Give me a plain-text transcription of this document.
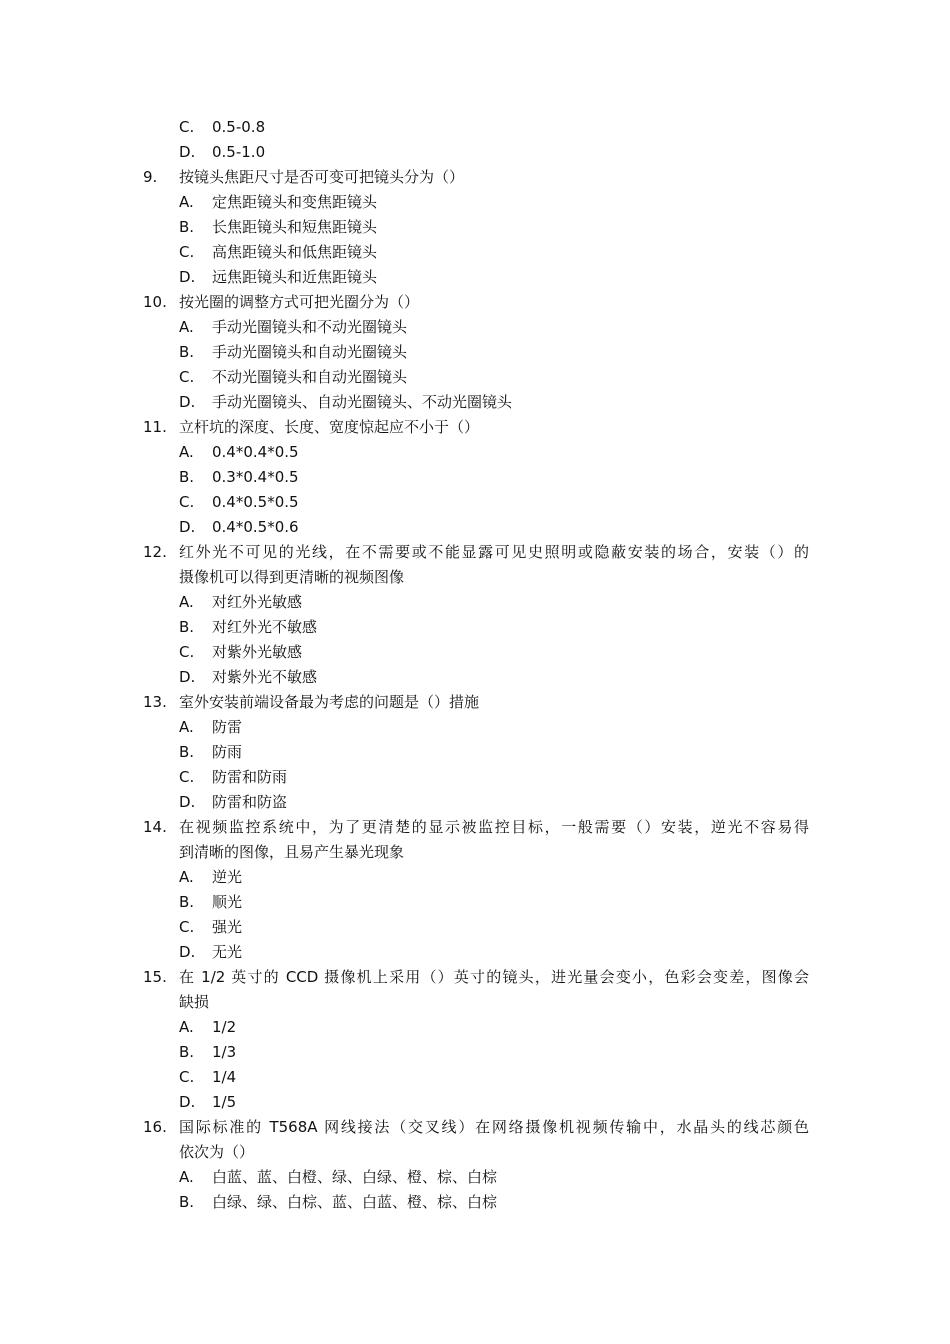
C. 0.5-0.8
D. 0.5-1.0
9. 按镜头焦距尺寸是否可变可把镜头分为（）
A. 定焦距镜头和变焦距镜头
B. 长焦距镜头和短焦距镜头
C. 高焦距镜头和低焦距镜头
D. 远焦距镜头和近焦距镜头
10. 按光圈的调整方式可把光圈分为（）
A. 手动光圈镜头和不动光圈镜头
B. 手动光圈镜头和自动光圈镜头
C. 不动光圈镜头和自动光圈镜头
D. 手动光圈镜头、自动光圈镜头、不动光圈镜头
11. 立杆坑的深度、长度、宽度惊起应不小于（）
A. 0.4*0.4*0.5
B. 0.3*0.4*0.5
C. 0.4*0.5*0.5
D. 0.4*0.5*0.6
12. 红外光不可见的光线，在不需要或不能显露可见史照明或隐蔽安装的场合，安装（）的
摄像机可以得到更清晰的视频图像
A. 对红外光敏感
B. 对红外光不敏感
C. 对紫外光敏感
D. 对紫外光不敏感
13. 室外安装前端设备最为考虑的问题是（）措施
A. 防雷
B. 防雨
C. 防雷和防雨
D. 防雷和防盗
14. 在视频监控系统中，为了更清楚的显示被监控目标，一般需要（）安装，逆光不容易得
到清晰的图像，且易产生暴光现象
A. 逆光
B. 顺光
C. 强光
D. 无光
15. 在 1/2 英寸的 CCD 摄像机上采用（）英寸的镜头，进光量会变小，色彩会变差，图像会
缺损
A. 1/2
B. 1/3
C. 1/4
D. 1/5
16. 国际标准的 T568A 网线接法（交叉线）在网络摄像机视频传输中，水晶头的线芯颜色
依次为（）
A. 白蓝、蓝、白橙、绿、白绿、橙、棕、白棕
B. 白绿、绿、白棕、蓝、白蓝、橙、棕、白棕
